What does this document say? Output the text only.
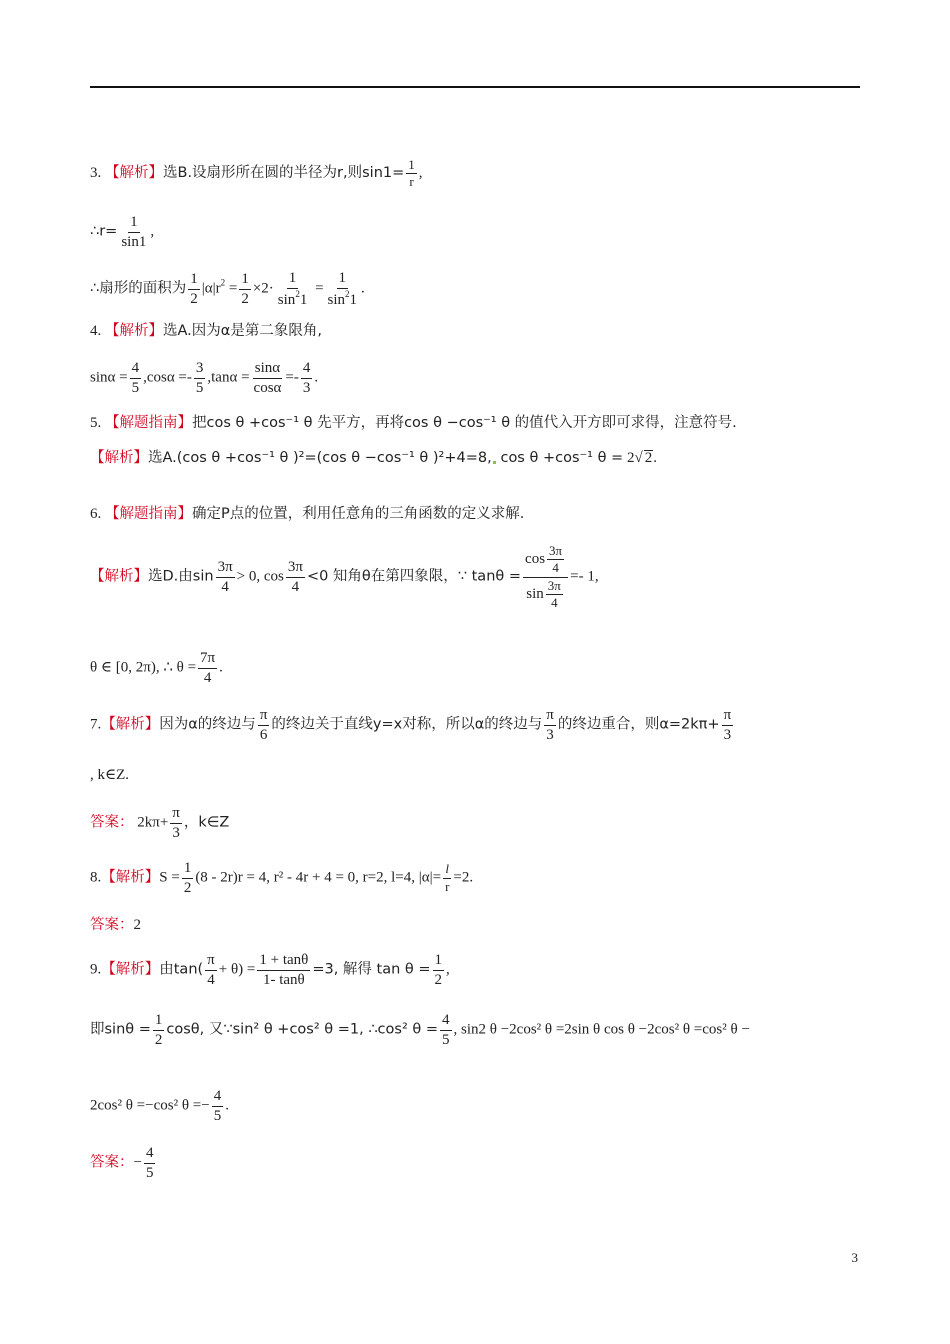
3. 【解析】选B.设扇形所在圆的半径为r,则$\sin 1= \frac{1}{r}$ ,
∴r= $\frac{1}{\sin 1}$ ,
∴扇形的面积为 $\frac{1}{2} |\alpha|r^2 = \frac{1}{2} \times 2\cdot \frac{1}{\sin^21} = \frac{1}{\sin^21}$ .
4. 【解析】选A.因为α是第二象限角,
$\sin\alpha = \frac{4}{5} ,\cos\alpha =- \frac{3}{5} ,\tan\alpha = \frac{\sin\alpha}{\cos\alpha} =- \frac{4}{3}$ .
5. 【解题指南】把cos θ +cos⁻¹ θ 先平方，再将cos θ −cos⁻¹ θ 的值代入开方即可求得，注意符号.
【解析】选A.(cos θ +cos⁻¹ θ )²=(cos θ −cos⁻¹ θ )²+4=8, cos θ +cos⁻¹ θ = 2√ 2.
6. 【解题指南】确定P点的位置，利用任意角的三角函数的定义求解.
【解析】选D.由$\sin \frac{3\pi}{4} > 0$, $\cos \frac{3\pi}{4} <0$ 知角θ在第四象限，∵ $\tan\theta = \frac{\cos \frac{3\pi}{4}}{\sin \frac{3\pi}{4}} =- 1$,
θ ∈ [0, 2π), ∴ $\theta = \frac{7\pi}{4}$ .
7.【解析】因为α的终边与 $\frac{\pi}{6}$ 的终边关于直线y=x对称，所以α的终边与 $\frac{\pi}{3}$ 的终边重合，则$\alpha=2k\pi+ \frac{\pi}{3}$
, k∈Z.
答案： $2k\pi+ \frac{\pi}{3}$ ，k∈Z
8.【解析】$S = \frac{1}{2} (8 - 2r)r = 4$, r² - 4r + 4 = 0, r=2, l=4, $|\alpha|= \frac{l}{r} =2$.
答案：2
9.【解析】由$\tan( \frac{\pi}{4} + \theta) = \frac{1 + \tan\theta}{1- \tan\theta} =3$, 解得 $\tan \theta = \frac{1}{2}$ ,
即$\sin\theta = \frac{1}{2} \cos\theta$, 又∵sin² θ +cos² θ =1, ∴cos² $\theta = \frac{4}{5}$ , sin2 θ −2cos² θ =2sin θ cos θ −2cos² θ =cos² θ −
2cos² θ =−cos² $\theta =- \frac{4}{5}$ .
答案：− $\frac{4}{5}$
3
